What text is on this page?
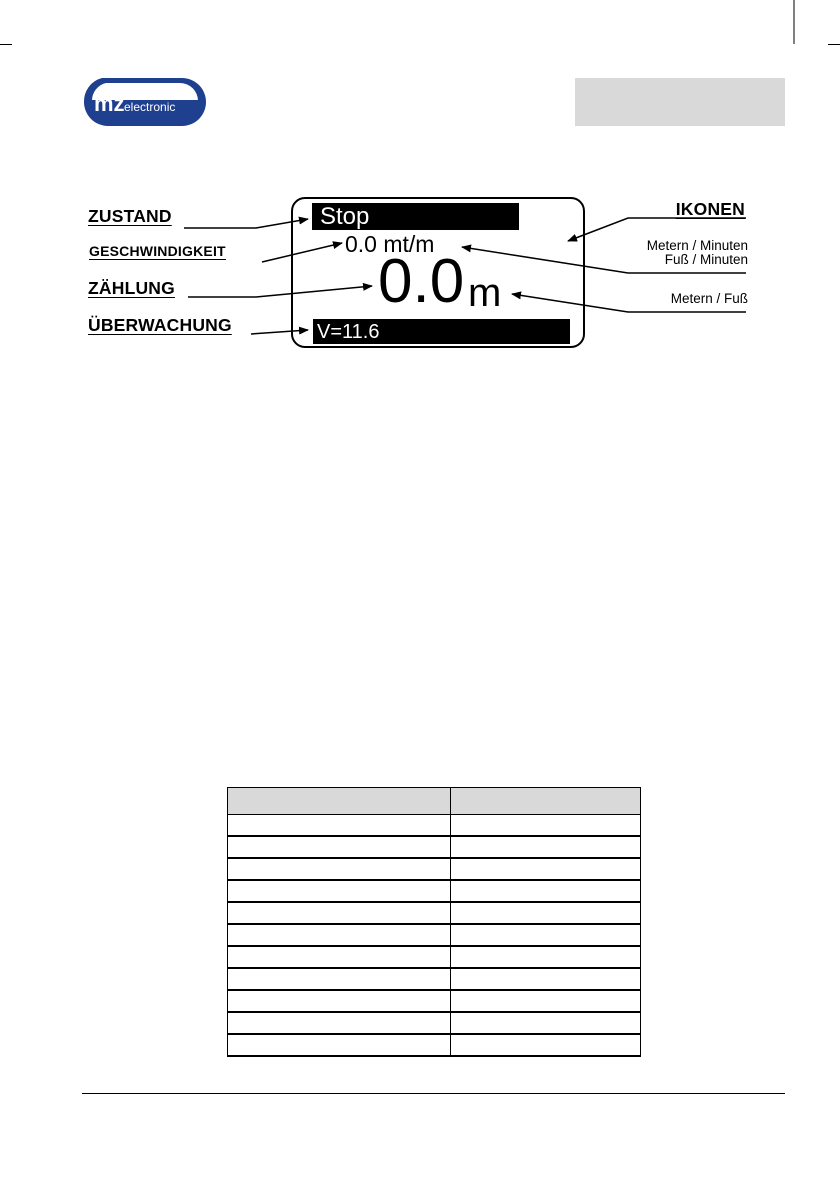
mz electronic
ZUSTAND
GESCHWINDIGKEIT
ZÄHLUNG
ÜBERWACHUNG
IKONEN
Metern / Minuten
Fuß / Minuten
Metern / Fuß
Stop
0.0 mt/m
0.0 m
V=11.6
